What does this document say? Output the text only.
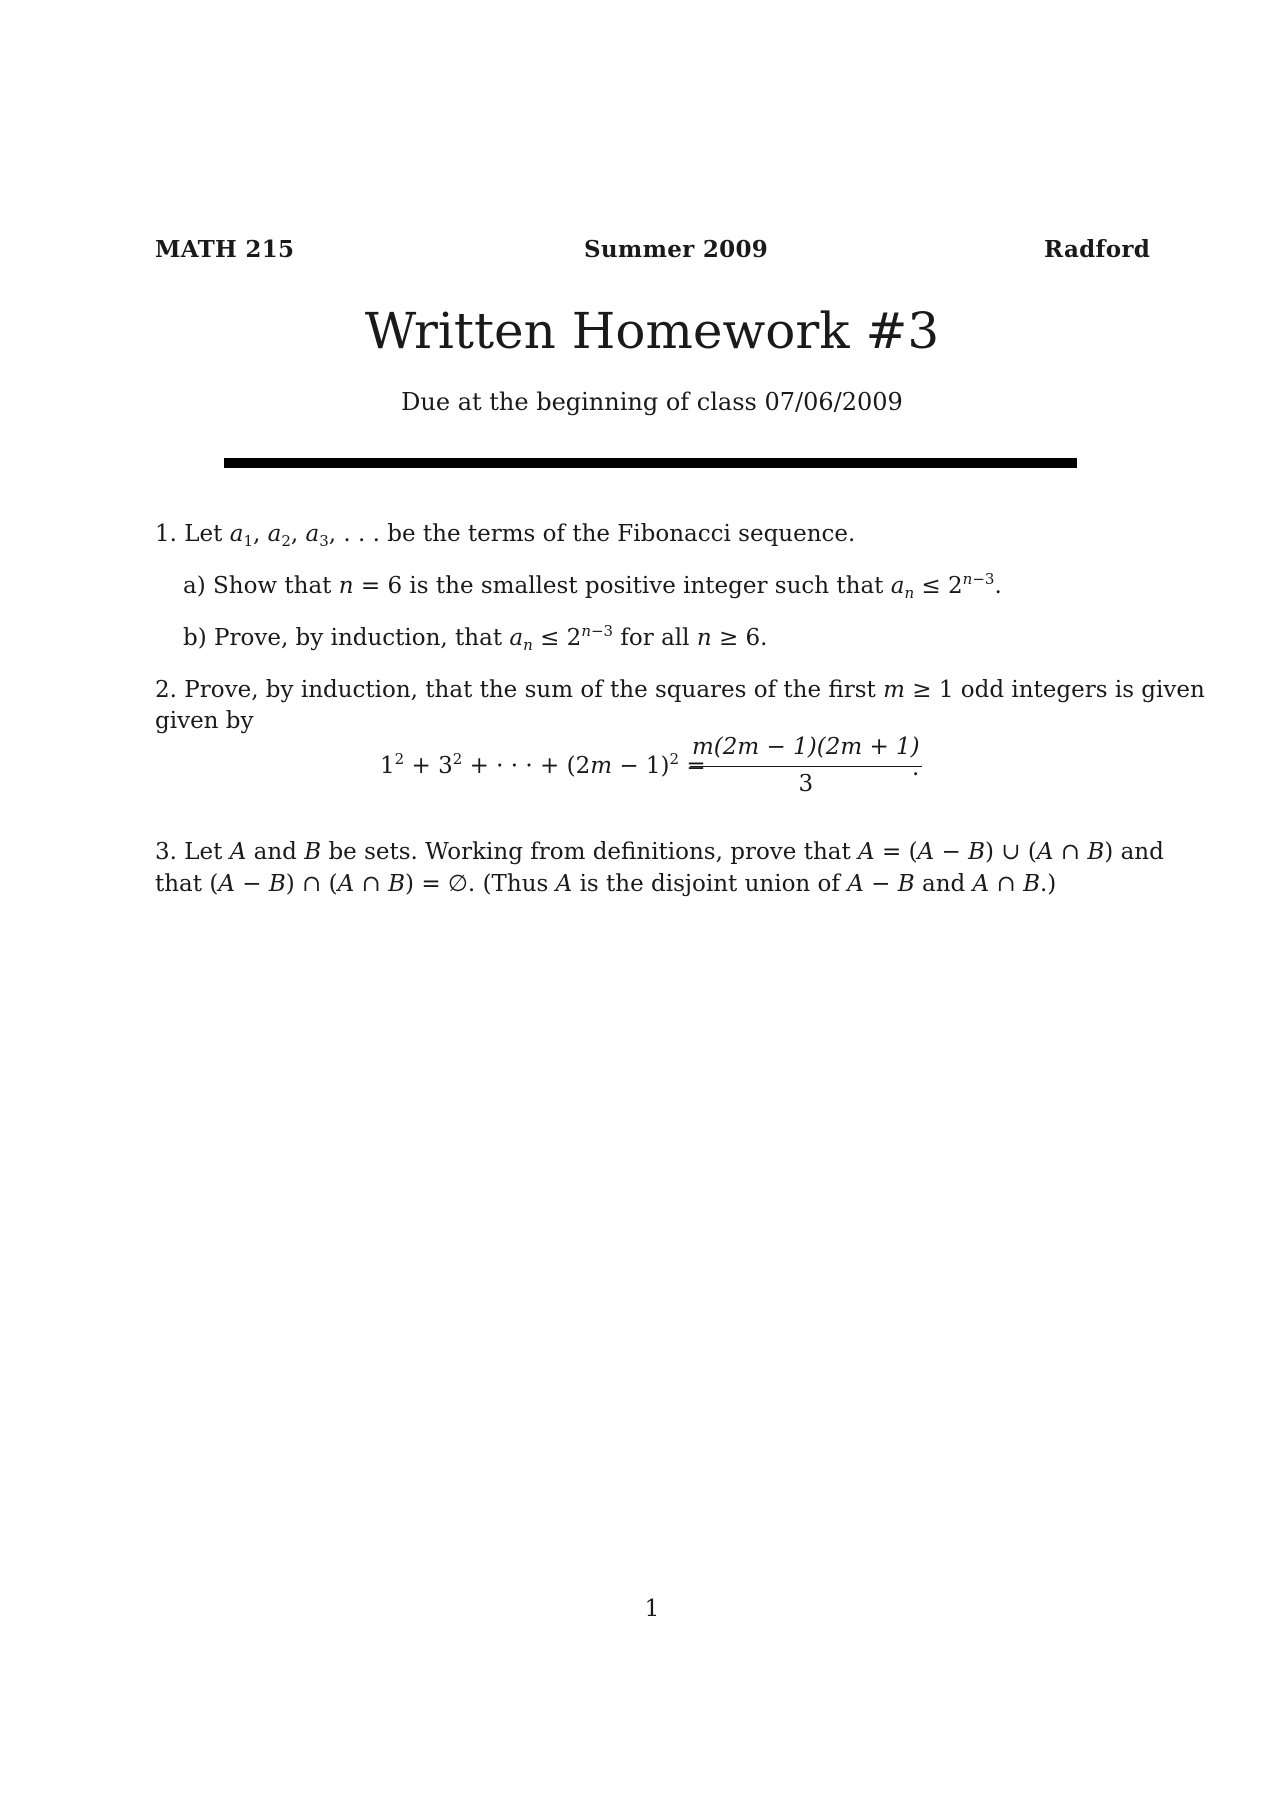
MATH 215	Summer 2009	Radford
Written Homework #3
Due at the beginning of class 07/06/2009
1. Let $a_1$, $a_2$, $a_3$, . . . be the terms of the Fibonacci sequence.
a) Show that n = 6 is the smallest positive integer such that $a_n \le 2^{n-3}$.
b) Prove, by induction, that $a_n \le 2^{n-3}$ for all n ≥ 6.
2. Prove, by induction, that the sum of the squares of the first m ≥ 1 odd integers is given
given by
$1^2 + 3^2$ + · · · + $(2m - 1)^2$ =
$\frac{m(2m - 1)(2m + 1)}{3}$
.
3. Let A and B be sets. Working from definitions, prove that A = (A − B) ∪ (A ∩ B) and
that (A − B) ∩ (A ∩ B) = ∅. (Thus A is the disjoint union of A − B and A ∩ B.)
1
